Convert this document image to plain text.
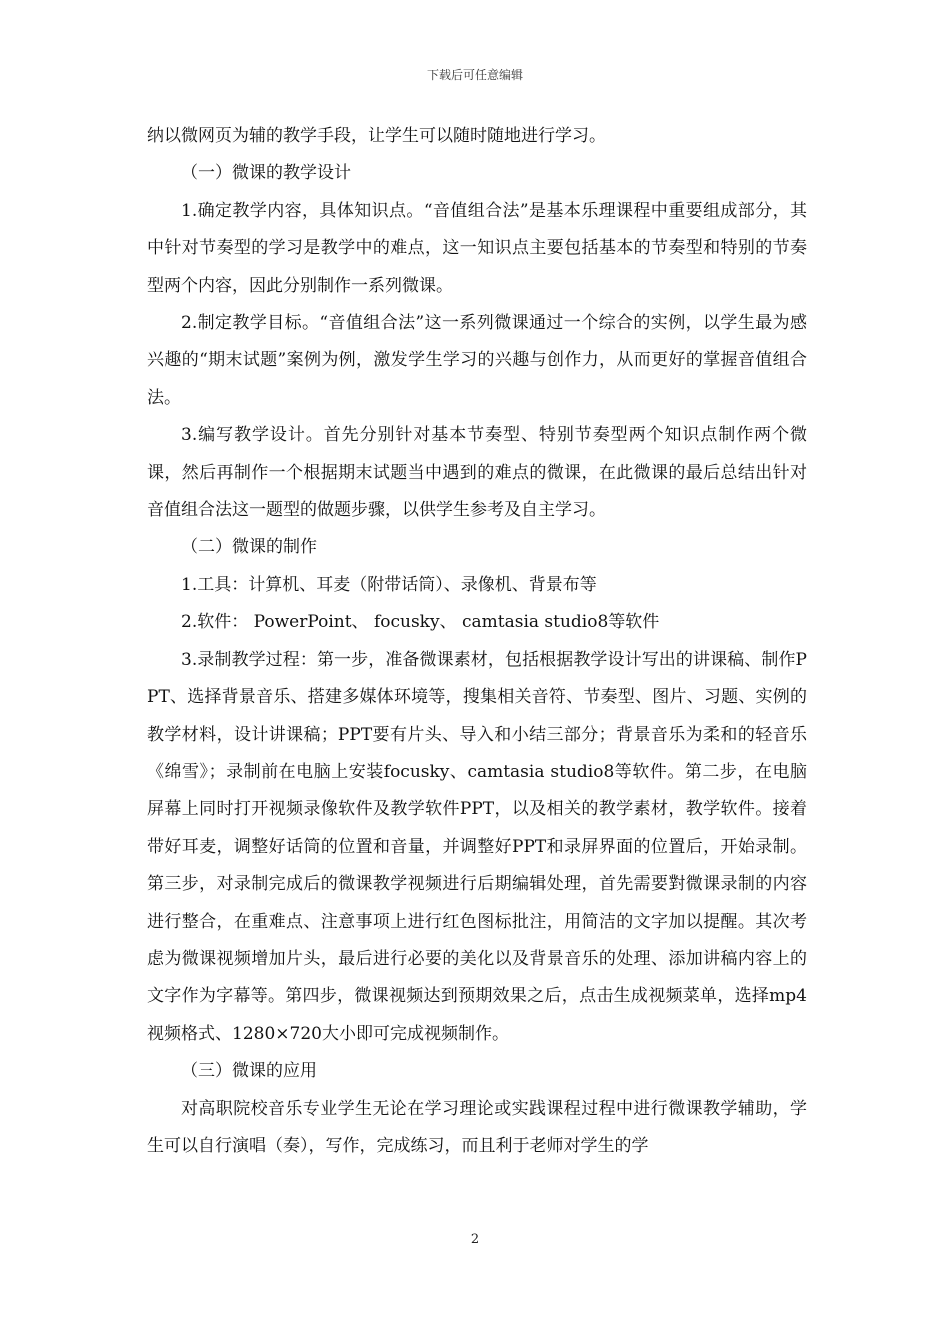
下载后可任意编辑

纳以微网页为辅的教学手段，让学生可以随时随地进行学习。

（一）微课的教学设计

1.确定教学内容，具体知识点。“音值组合法”是基本乐理课程中重要组成部分，其中针对节奏型的学习是教学中的难点，这一知识点主要包括基本的节奏型和特别的节奏型两个内容，因此分别制作一系列微课。

2.制定教学目标。“音值组合法”这一系列微课通过一个综合的实例，以学生最为感兴趣的“期末试题”案例为例，激发学生学习的兴趣与创作力，从而更好的掌握音值组合法。

3.编写教学设计。首先分别针对基本节奏型、特别节奏型两个知识点制作两个微课，然后再制作一个根据期末试题当中遇到的难点的微课，在此微课的最后总结出针对音值组合法这一题型的做题步骤，以供学生参考及自主学习。

（二）微课的制作

1.工具：计算机、耳麦（附带话筒）、录像机、背景布等

2.软件： PowerPoint、 focusky、 camtasia studio8等软件

3.录制教学过程：第一步，准备微课素材，包括根据教学设计写出的讲课稿、制作PPT、选择背景音乐、搭建多媒体环境等，搜集相关音符、节奏型、图片、习题、实例的教学材料，设计讲课稿；PPT要有片头、导入和小结三部分；背景音乐为柔和的轻音乐《绵雪》；录制前在电脑上安装focusky、camtasia studio8等软件。第二步，在电脑屏幕上同时打开视频录像软件及教学软件PPT，以及相关的教学素材，教学软件。接着带好耳麦，调整好话筒的位置和音量，并调整好PPT和录屏界面的位置后，开始录制。第三步，对录制完成后的微课教学视频进行后期编辑处理，首先需要對微课录制的内容进行整合，在重难点、注意事项上进行红色图标批注，用简洁的文字加以提醒。其次考虑为微课视频增加片头，最后进行必要的美化以及背景音乐的处理、添加讲稿内容上的文字作为字幕等。第四步，微课视频达到预期效果之后，点击生成视频菜单，选择mp4视频格式、1280×720大小即可完成视频制作。

（三）微课的应用

对高职院校音乐专业学生无论在学习理论或实践课程过程中进行微课教学辅助，学生可以自行演唱（奏），写作，完成练习，而且利于老师对学生的学

2
